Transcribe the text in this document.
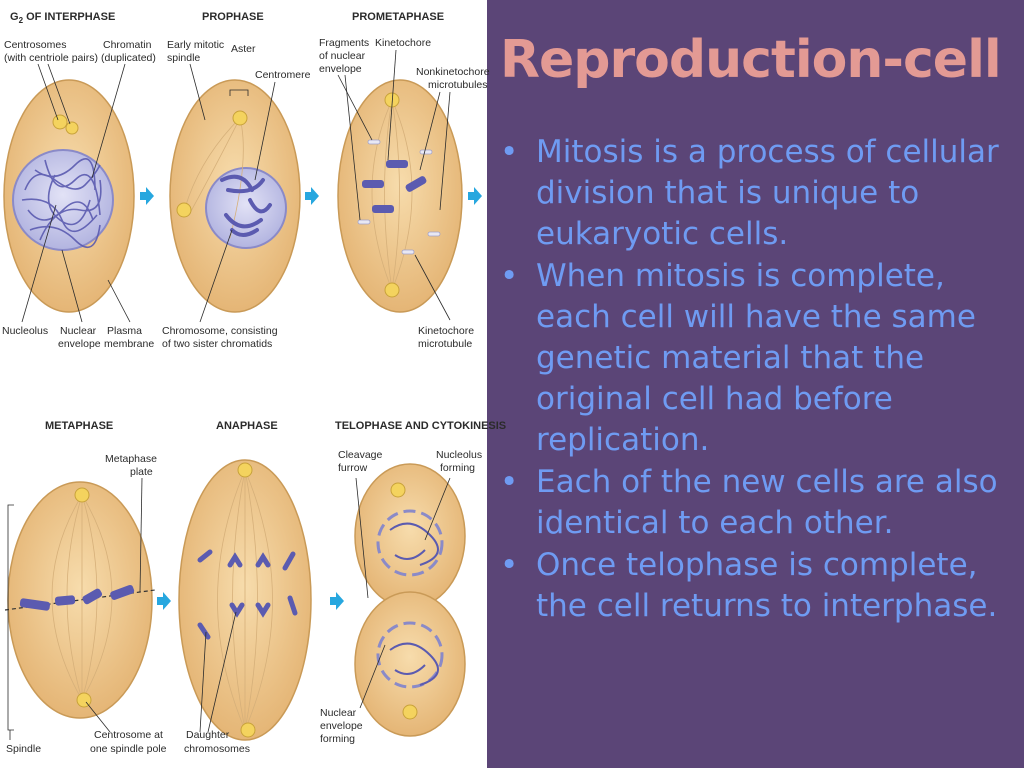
$G_2$ OF INTERPHASE	PROPHASE	PROMETAPHASE
Centrosomes
(with centriole pairs)
Chromatin
(duplicated)
Early mitotic
spindle
Aster
Centromere
Fragments
of nuclear
envelope
Kinetochore
Nonkinetochore
microtubules
Kinetochore
microtubule
Nucleolus Nuclear
envelope
Plasma
membrane
Chromosome, consisting
of two sister chromatids
METAPHASE	ANAPHASE	TELOPHASE AND CYTOKINESIS
Metaphase
plate
Cleavage
furrow
Nucleolus
forming
Spindle
Centrosome at
one spindle pole
Daughter
chromosomes
Nuclear
envelope
forming
Reproduction-cell
• Mitosis is a process of cellular division that is unique to eukaryotic cells.
• When mitosis is complete, each cell will have the same genetic material that the original cell had before replication.
• Each of the new cells are also identical to each other.
• Once telophase is complete, the cell returns to interphase.
